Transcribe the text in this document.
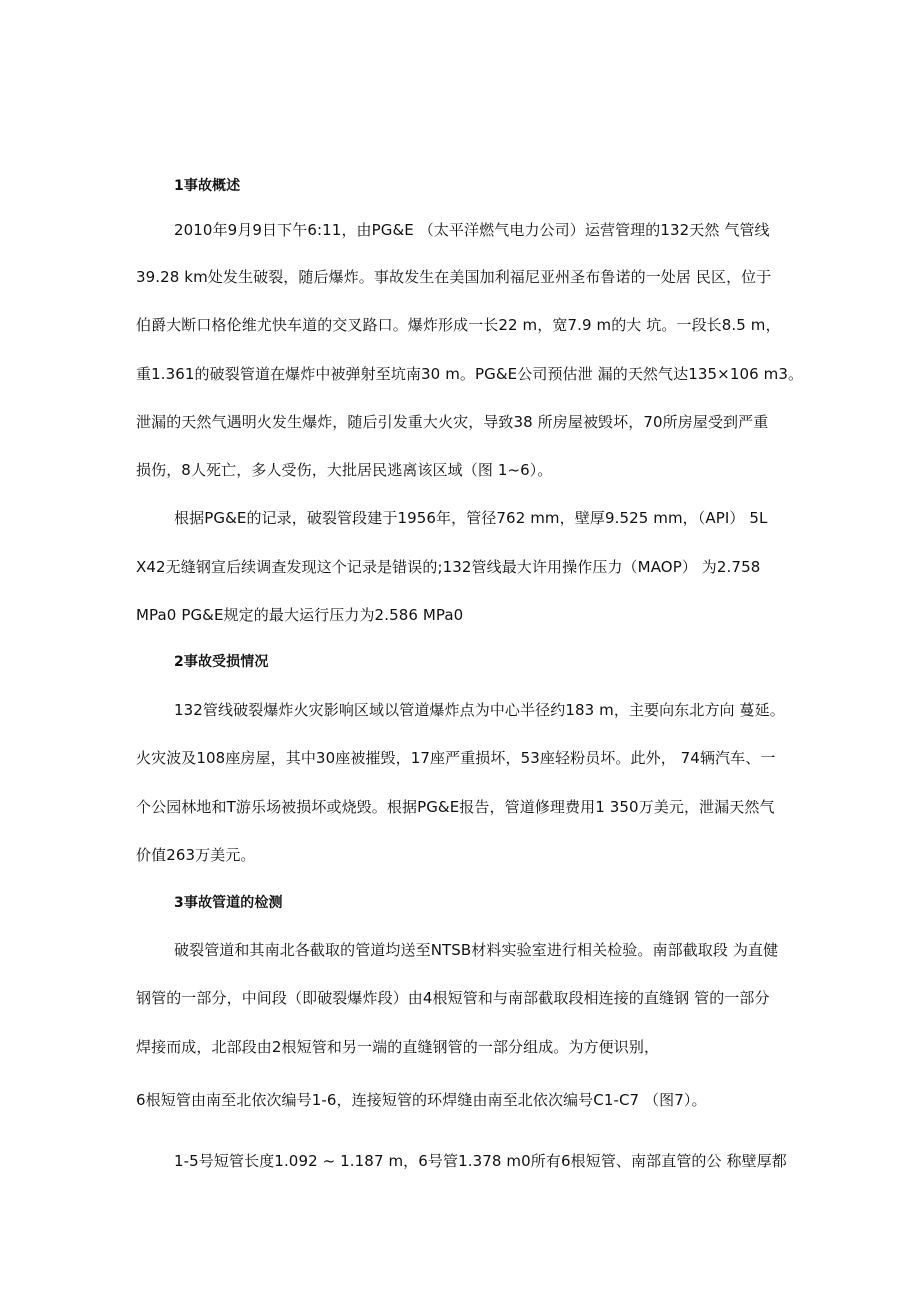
1事故概述
2010年9月9日下午6:11，由PG&E （太平洋燃气电力公司）运营管理的132天然 气管线
39.28 km处发生破裂，随后爆炸。事故发生在美国加利福尼亚州圣布鲁诺的一处居 民区，位于
伯爵大断口格伦维尤快车道的交叉路口。爆炸形成一长22 m，宽7.9 m的大 坑。一段长8.5 m，
重1.361的破裂管道在爆炸中被弹射至坑南30 m。PG&E公司预估泄 漏的天然气达135×106 m3。
泄漏的天然气遇明火发生爆炸，随后引发重大火灾，导致38 所房屋被毁坏，70所房屋受到严重
损伤，8人死亡，多人受伤，大批居民逃离该区域（图 1~6）。
根据PG&E的记录，破裂管段建于1956年，管径762 mm，壁厚9.525 mm，（API） 5L
X42无缝钢宣后续调查发现这个记录是错误的;132管线最大许用操作压力（MAOP） 为2.758
MPa0 PG&E规定的最大运行压力为2.586 MPa0
2事故受损情况
132管线破裂爆炸火灾影响区域以管道爆炸点为中心半径约183 m，主要向东北方向 蔓延。
火灾波及108座房屋，其中30座被摧毁，17座严重损坏，53座轻粉员坏。此外， 74辆汽车、一
个公园林地和T游乐场被损坏或烧毁。根据PG&E报告，管道修理费用1 350万美元，泄漏天然气
价值263万美元。
3事故管道的检测
破裂管道和其南北各截取的管道均送至NTSB材料实验室进行相关检验。南部截取段 为直健
钢管的一部分，中间段（即破裂爆炸段）由4根短管和与南部截取段相连接的直缝钢 管的一部分
焊接而成，北部段由2根短管和另一端的直缝钢管的一部分组成。为方便识别，
6根短管由南至北依次编号1-6，连接短管的环焊缝由南至北依次编号C1-C7 （图7）。
1-5号短管长度1.092 ~ 1.187 m，6号管1.378 m0所有6根短管、南部直管的公 称壁厚都
